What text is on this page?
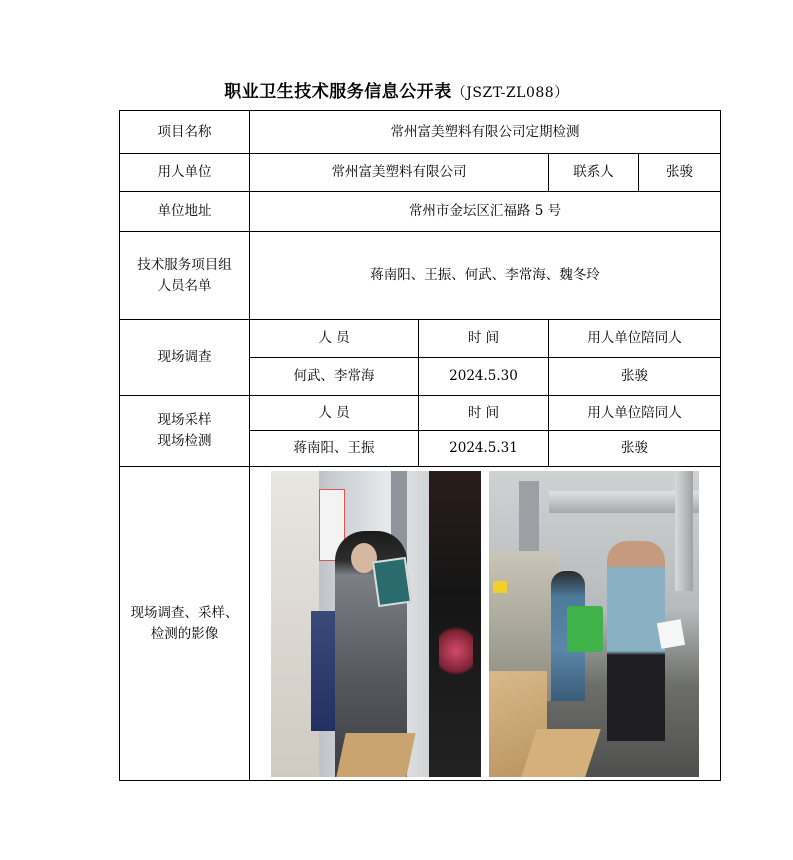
职业卫生技术服务信息公开表（JSZT-ZL088）
项目名称	常州富美塑料有限公司定期检测			
用人单位	常州富美塑料有限公司		联系人	张骏
单位地址	常州市金坛区汇福路 5 号			

技术服务项目组
人员名单	蒋南阳、王振、何武、李常海、魏冬玲			
现场调查	人 员	时 间	用人单位陪同人	
	何武、李常海	2024.5.30	张骏	

现场采样
现场检测	人 员	时 间	用人单位陪同人	
	蒋南阳、王振	2024.5.31	张骏	

现场调查、采样、
检测的影像				
